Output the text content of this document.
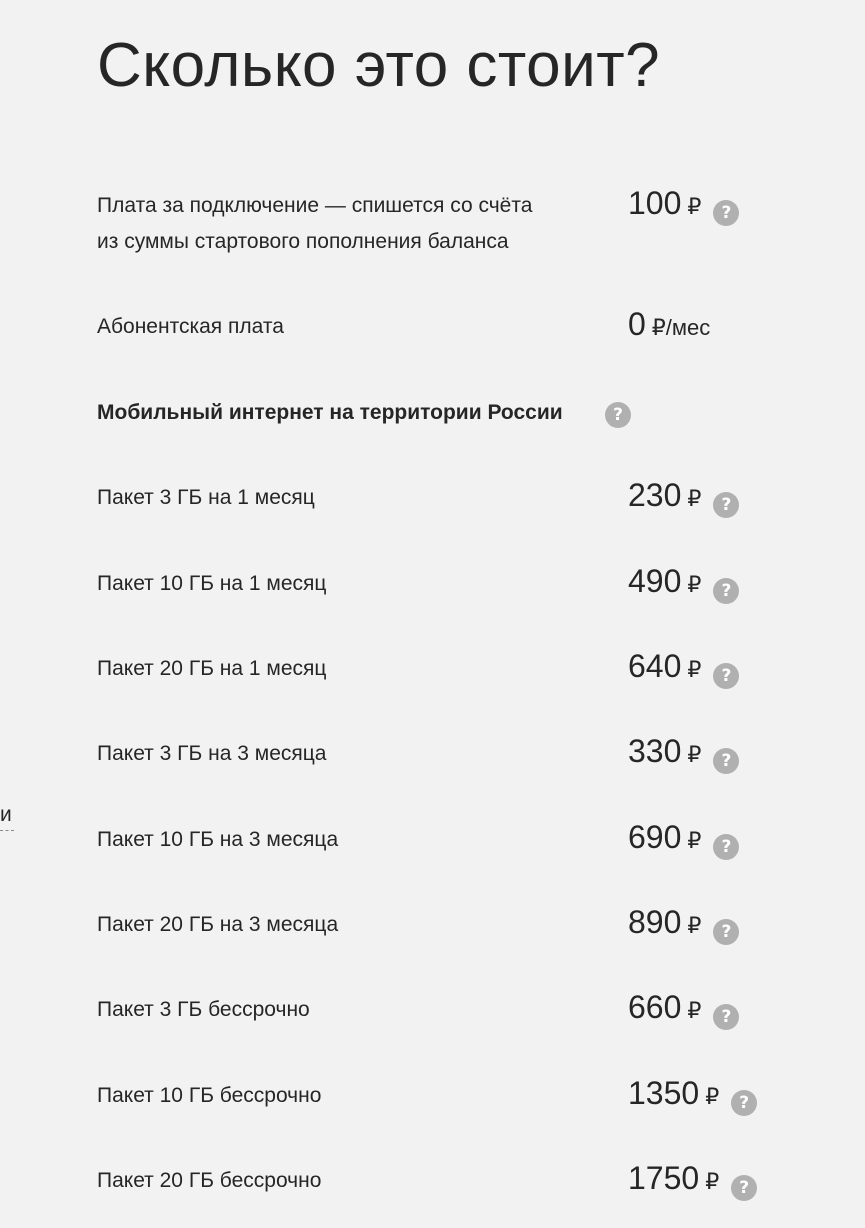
Сколько это стоит?
и
Плата за подключение — спишется со счёта
из суммы стартового пополнения баланса
100 ₽	?
Абонентская плата	0 ₽/мес
Мобильный интернет на территории России	?
Пакет 3 ГБ на 1 месяц	230 ₽	?
Пакет 10 ГБ на 1 месяц	490 ₽	?
Пакет 20 ГБ на 1 месяц	640 ₽	?
Пакет 3 ГБ на 3 месяца	330 ₽	?
Пакет 10 ГБ на 3 месяца	690 ₽	?
Пакет 20 ГБ на 3 месяца	890 ₽	?
Пакет 3 ГБ бессрочно	660 ₽	?
Пакет 10 ГБ бессрочно	1350 ₽	?
Пакет 20 ГБ бессрочно	1750 ₽	?
